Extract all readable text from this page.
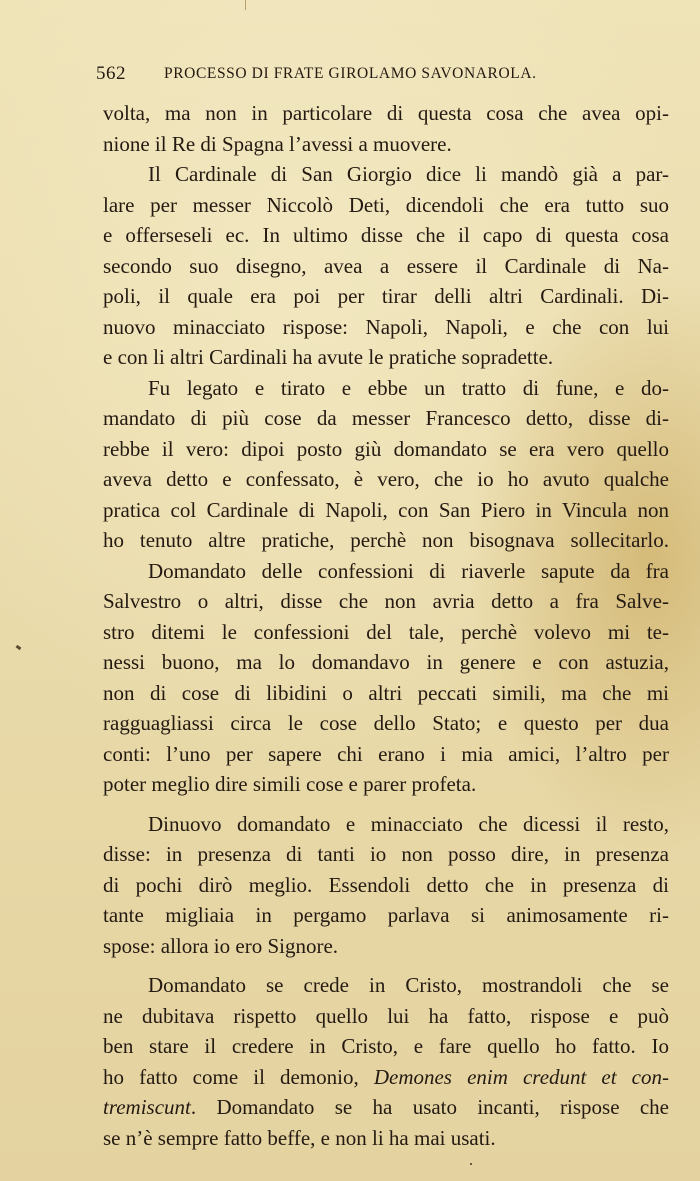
562 PROCESSO DI FRATE GIROLAMO SAVONAROLA.
volta, ma non in particolare di questa cosa che avea opi-
nione il Re di Spagna l’avessi a muovere.
Il Cardinale di San Giorgio dice li mandò già a par-
lare per messer Niccolò Deti, dicendoli che era tutto suo
e offerseseli ec. In ultimo disse che il capo di questa cosa
secondo suo disegno, avea a essere il Cardinale di Na-
poli, il quale era poi per tirar delli altri Cardinali. Di-
nuovo minacciato rispose: Napoli, Napoli, e che con lui
e con li altri Cardinali ha avute le pratiche sopradette.
Fu legato e tirato e ebbe un tratto di fune, e do-
mandato di più cose da messer Francesco detto, disse di-
rebbe il vero: dipoi posto giù domandato se era vero quello
aveva detto e confessato, è vero, che io ho avuto qualche
pratica col Cardinale di Napoli, con San Piero in Vincula non
ho tenuto altre pratiche, perchè non bisognava sollecitarlo.
Domandato delle confessioni di riaverle sapute da fra
Salvestro o altri, disse che non avria detto a fra Salve-
stro ditemi le confessioni del tale, perchè volevo mi te-
nessi buono, ma lo domandavo in genere e con astuzia,
non di cose di libidini o altri peccati simili, ma che mi
ragguagliassi circa le cose dello Stato; e questo per dua
conti: l’uno per sapere chi erano i mia amici, l’altro per
poter meglio dire simili cose e parer profeta.
Dinuovo domandato e minacciato che dicessi il resto,
disse: in presenza di tanti io non posso dire, in presenza
di pochi dirò meglio. Essendoli detto che in presenza di
tante migliaia in pergamo parlava si animosamente ri-
spose: allora io ero Signore.
Domandato se crede in Cristo, mostrandoli che se
ne dubitava rispetto quello lui ha fatto, rispose e può
ben stare il credere in Cristo, e fare quello ho fatto. Io
ho fatto come il demonio, Demones enim credunt et con-
tremiscunt. Domandato se ha usato incanti, rispose che
se n’è sempre fatto beffe, e non li ha mai usati.
